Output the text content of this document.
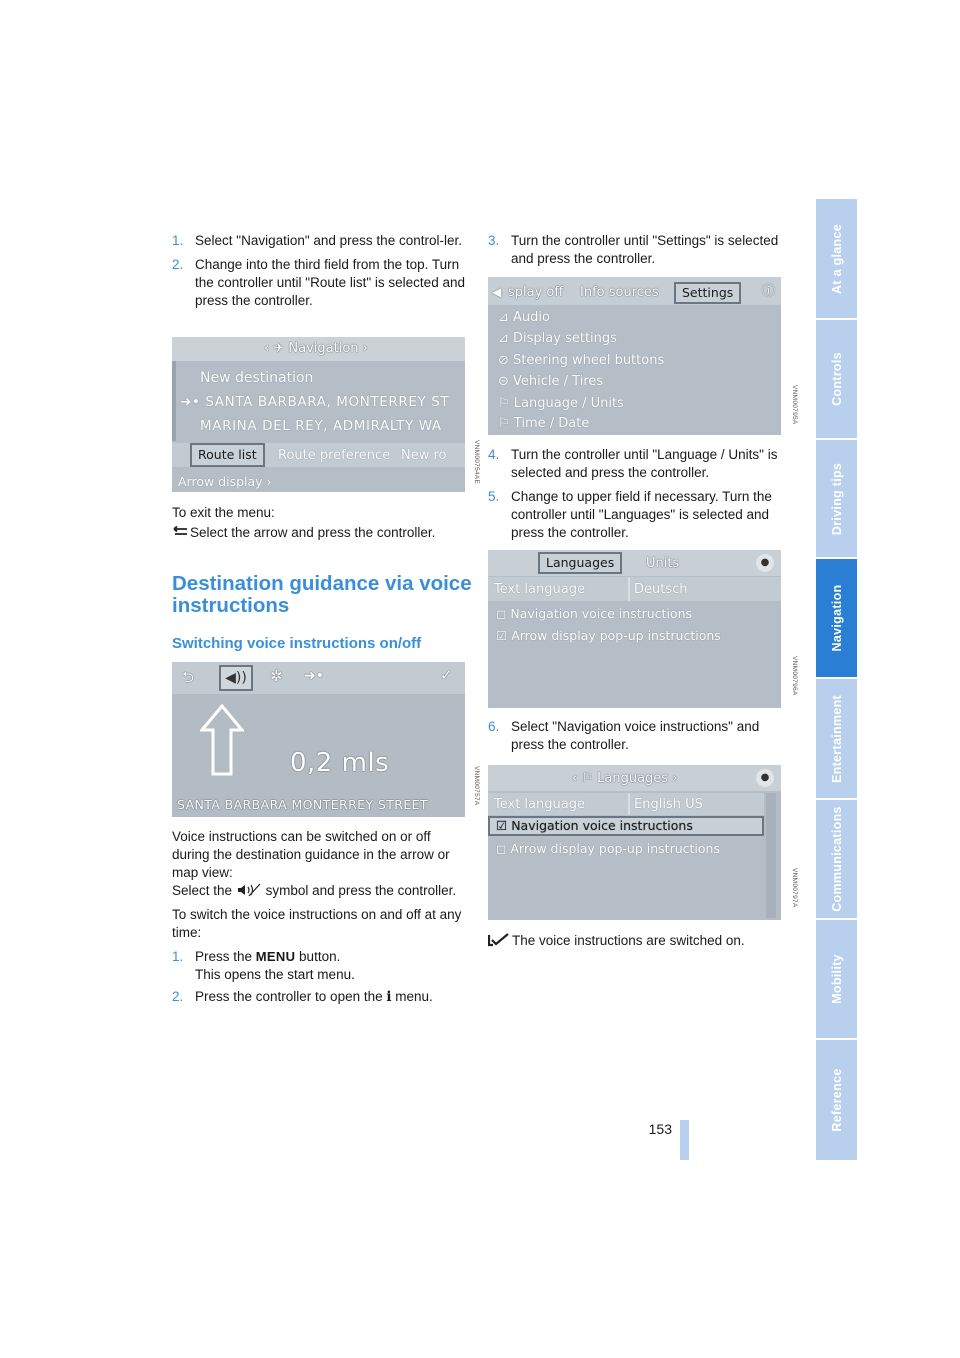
1. Select "Navigation" and press the control-ler.
2. Change into the third field from the top. Turn the controller until "Route list" is selected and press the controller.
‹ ✈ Navigation ›
New destination
➜• SANTA BARBARA, MONTERREY ST
MARINA DEL REY, ADMIRALTY WA
Route list	Route preference New ro
Arrow display ›	VNM00754AE

To exit the menu:

Select the arrow and press the controller.

Destination guidance via voice instructions
Switching voice instructions on/off
⮌	◀))	✲ ➜•	✓
0,2 mls
SANTA BARBARA MONTERREY STREET	VNM00757A

Voice instructions can be switched on or off during the destination guidance in the arrow or map view:

Select the symbol and press the controller.

To switch the voice instructions on and off at any time:

1. Press the MENU button.
This opens the start menu.
2. Press the controller to open the i menu.
3. Turn the controller until "Settings" is selected and press the controller.
◀ splay off Info sources	Settings	ⓘ
⊿ Audio
⊿ Display settings
⊘ Steering wheel buttons
⊝ Vehicle / Tires
⚐ Language / Units
⚐ Time / Date	VNM00795A
4. Turn the controller until "Language / Units" is selected and press the controller.
5. Change to upper field if necessary. Turn the controller until "Languages" is selected and press the controller.
Languages	Units	●
Text language	Deutsch
◻ Navigation voice instructions
☑ Arrow display pop-up instructions
VNM00796A
6. Select "Navigation voice instructions" and press the controller.
‹ ⚐ Languages ›	●
Text language	English US
☑ Navigation voice instructions
◻ Arrow display pop-up instructions
VNM00797A
The voice instructions are switched on.
At a glance
Controls
Driving tips
Navigation
Entertainment
Communications
Mobility
Reference
153
